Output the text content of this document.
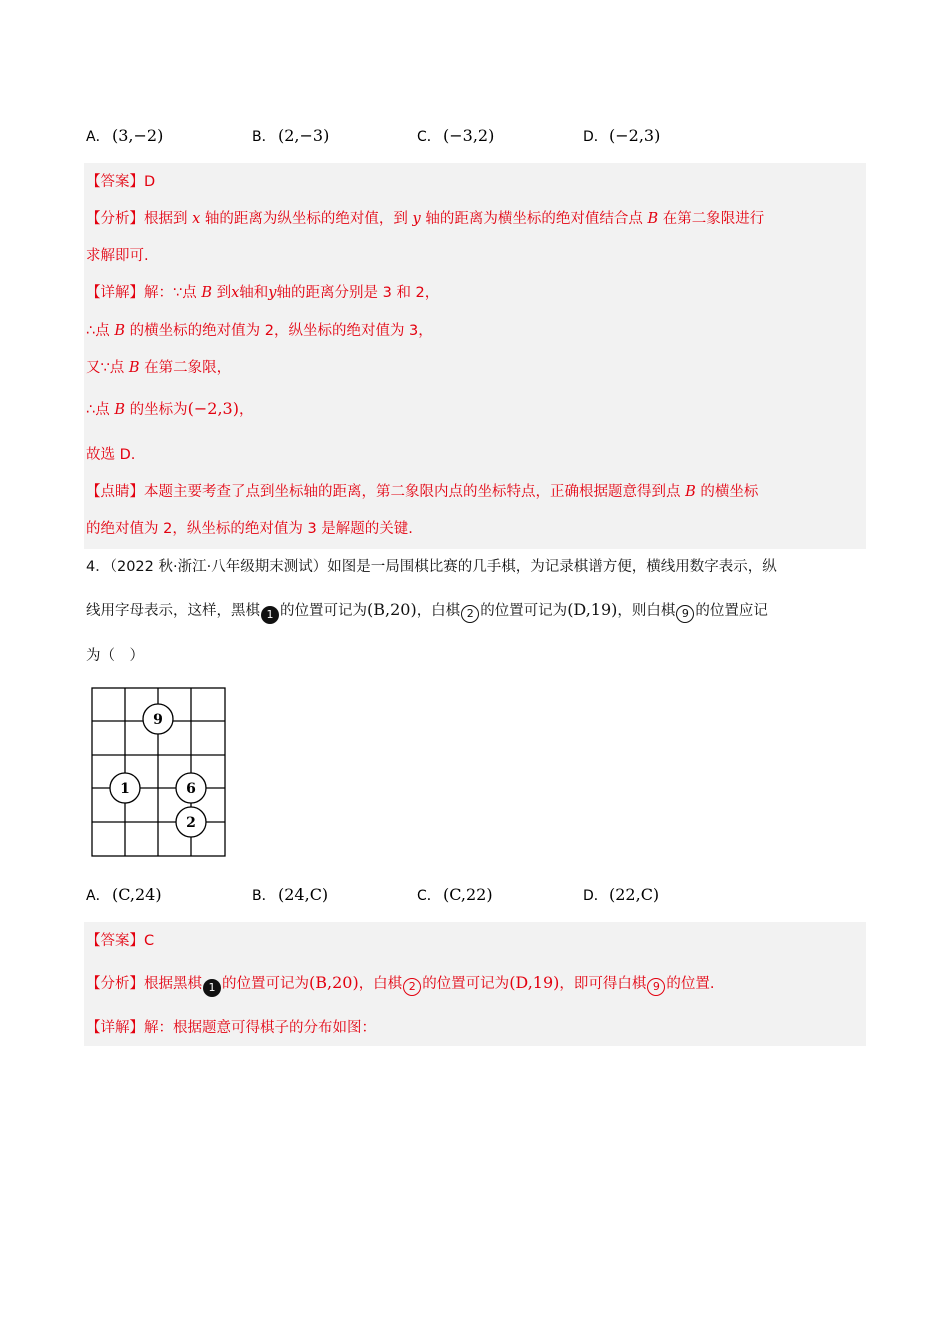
A． (3,−2)	B． (2,−3)	C． (−3,2)	D．(−2,3)
【答案】D
【分析】根据到 x 轴的距离为纵坐标的绝对值，到 y 轴的距离为横坐标的绝对值结合点 B 在第二象限进行
求解即可.
【详解】解：∵点 B 到x轴和y轴的距离分别是 3 和 2，
∴点 B 的横坐标的绝对值为 2，纵坐标的绝对值为 3，
又∵点 B 在第二象限，
∴点 B 的坐标为(−2,3)，
故选 D.
【点睛】本题主要考查了点到坐标轴的距离，第二象限内点的坐标特点，正确根据题意得到点 B 的横坐标
的绝对值为 2，纵坐标的绝对值为 3 是解题的关键.
4．（2022 秋·浙江·八年级期末测试）如图是一局围棋比赛的几手棋，为记录棋谱方便，横线用数字表示，纵
线用字母表示，这样，黑棋 1 的位置可记为(B,20)，白棋 2 的位置可记为(D,19)，则白棋 9 的位置应记
为（　）
9
1	6
2
A． (C,24)	B． (24,C)	C． (C,22)	D．(22,C)
【答案】C
【分析】根据黑棋 1 的位置可记为(B,20)，白棋 2 的位置可记为(D,19)，即可得白棋 9 的位置.
【详解】解：根据题意可得棋子的分布如图：
